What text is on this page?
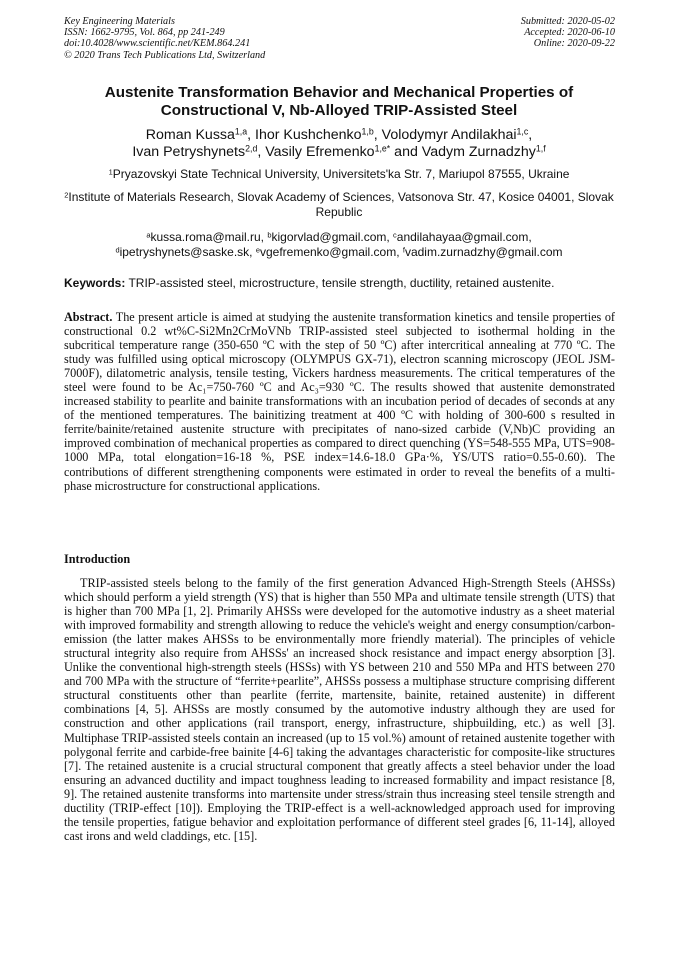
Key Engineering Materials
ISSN: 1662-9795, Vol. 864, pp 241-249
doi:10.4028/www.scientific.net/KEM.864.241
© 2020 Trans Tech Publications Ltd, Switzerland
Submitted: 2020-05-02
Accepted: 2020-06-10
Online: 2020-09-22
Austenite Transformation Behavior and Mechanical Properties of
Constructional V, Nb-Alloyed TRIP-Assisted Steel
Roman Kussa$^{1,a}$, Ihor Kushchenko$^{1,b}$, Volodymyr Andilakhai$^{1,c}$,
Ivan Petryshynets$^{2,d}$, Vasily Efremenko$^{1,e*}$ and Vadym Zurnadzhy$^{1,f}$
$^1$Pryazovskyi State Technical University, Universitets'ka Str. 7, Mariupol 87555, Ukraine
$^2$Institute of Materials Research, Slovak Academy of Sciences, Vatsonova Str. 47, Kosice 04001, Slovak Republic
$^a$kussa.roma@mail.ru, $^b$kigorvlad@gmail.com, $^c$andilahayaa@gmail.com,
$^d$ipetryshynets@saske.sk, $^e$vgefremenko@gmail.com, $^f$vadim.zurnadzhy@gmail.com
Keywords: TRIP-assisted steel, microstructure, tensile strength, ductility, retained austenite.
Abstract. The present article is aimed at studying the austenite transformation kinetics and tensile properties of constructional 0.2 wt%C-Si2Mn2CrMoVNb TRIP-assisted steel subjected to isothermal holding in the subcritical temperature range (350-650 ºC with the step of 50 ºC) after intercritical annealing at 770 ºC. The study was fulfilled using optical microscopy (OLYMPUS GX-71), electron scanning microscopy (JEOL JSM-7000F), dilatometric analysis, tensile testing, Vickers hardness measurements. The critical temperatures of the steel were found to be Ac₁=750-760 ºC and Ac₃=930 ºC. The results showed that austenite demonstrated increased stability to pearlite and bainite transformations with an incubation period of decades of seconds at any of the mentioned temperatures. The bainitizing treatment at 400 ºC with holding of 300-600 s resulted in ferrite/bainite/retained austenite structure with precipitates of nano-sized carbide (V,Nb)C providing an improved combination of mechanical properties as compared to direct quenching (YS=548-555 MPa, UTS=908-1000 MPa, total elongation=16-18 %, PSE index=14.6-18.0 GPa·%, YS/UTS ratio=0.55-0.60). The contributions of different strengthening components were estimated in order to reveal the benefits of a multi-phase microstructure for constructional applications.
Introduction
TRIP-assisted steels belong to the family of the first generation Advanced High-Strength Steels (AHSSs) which should perform a yield strength (YS) that is higher than 550 MPa and ultimate tensile strength (UTS) that is higher than 700 MPa [1, 2]. Primarily AHSSs were developed for the automotive industry as a sheet material with improved formability and strength allowing to reduce the vehicle's weight and energy consumption/carbon-emission (the latter makes AHSSs to be environmentally more friendly material). The principles of vehicle structural integrity also require from AHSSs' an increased shock resistance and impact energy absorption [3]. Unlike the conventional high-strength steels (HSSs) with YS between 210 and 550 MPa and HTS between 270 and 700 MPa with the structure of “ferrite+pearlite”, AHSSs possess a multiphase structure comprising different structural constituents other than pearlite (ferrite, martensite, bainite, retained austenite) in different combinations [4, 5]. AHSSs are mostly consumed by the automotive industry although they are used for construction and other applications (rail transport, energy, infrastructure, shipbuilding, etc.) as well [3]. Multiphase TRIP-assisted steels contain an increased (up to 15 vol.%) amount of retained austenite together with polygonal ferrite and carbide-free bainite [4-6] taking the advantages characteristic for composite-like structures [7]. The retained austenite is a crucial structural component that greatly affects a steel behavior under the load ensuring an advanced ductility and impact toughness leading to increased formability and impact resistance [8, 9]. The retained austenite transforms into martensite under stress/strain thus increasing steel tensile strength and ductility (TRIP-effect [10]). Employing the TRIP-effect is a well-acknowledged approach used for improving the tensile properties, fatigue behavior and exploitation performance of different steel grades [6, 11-14], alloyed cast irons and weld claddings, etc. [15].
